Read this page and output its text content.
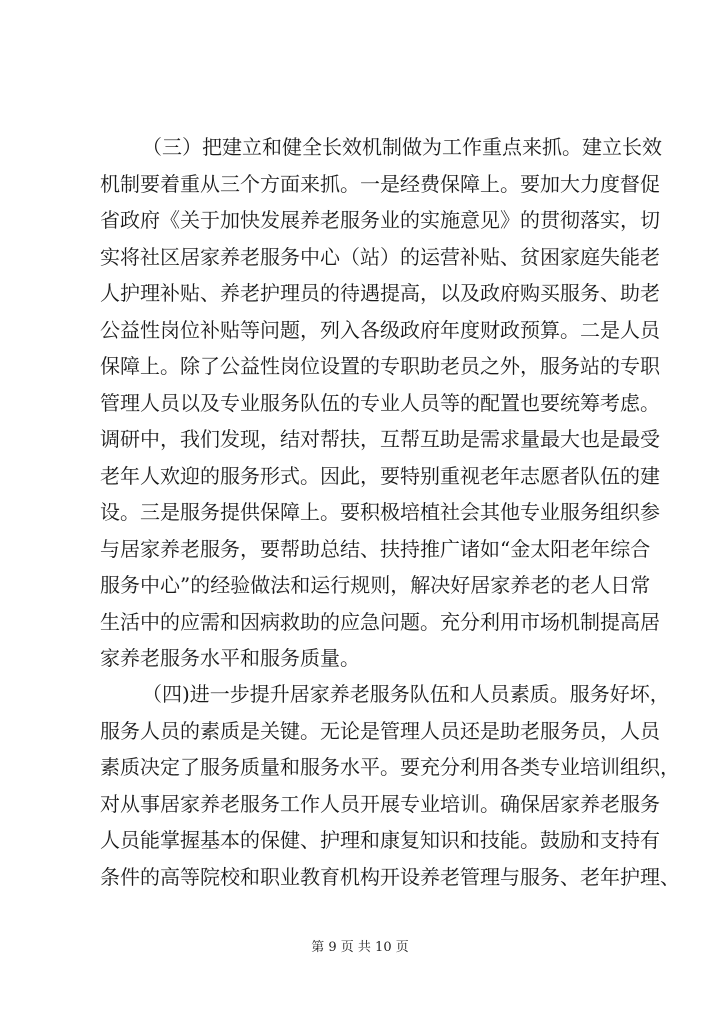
（三）把建立和健全长效机制做为工作重点来抓。建立长效
机制要着重从三个方面来抓。一是经费保障上。要加大力度督促
省政府《关于加快发展养老服务业的实施意见》的贯彻落实，切
实将社区居家养老服务中心（站）的运营补贴、贫困家庭失能老
人护理补贴、养老护理员的待遇提高，以及政府购买服务、助老
公益性岗位补贴等问题，列入各级政府年度财政预算。二是人员
保障上。除了公益性岗位设置的专职助老员之外，服务站的专职
管理人员以及专业服务队伍的专业人员等的配置也要统筹考虑。
调研中，我们发现，结对帮扶，互帮互助是需求量最大也是最受
老年人欢迎的服务形式。因此，要特别重视老年志愿者队伍的建
设。三是服务提供保障上。要积极培植社会其他专业服务组织参
与居家养老服务，要帮助总结、扶持推广诸如“金太阳老年综合
服务中心”的经验做法和运行规则，解决好居家养老的老人日常
生活中的应需和因病救助的应急问题。充分利用市场机制提高居
家养老服务水平和服务质量。
（四)进一步提升居家养老服务队伍和人员素质。服务好坏，
服务人员的素质是关键。无论是管理人员还是助老服务员，人员
素质决定了服务质量和服务水平。要充分利用各类专业培训组织，
对从事居家养老服务工作人员开展专业培训。确保居家养老服务
人员能掌握基本的保健、护理和康复知识和技能。鼓励和支持有
条件的高等院校和职业教育机构开设养老管理与服务、老年护理、
第 9 页 共 10 页
